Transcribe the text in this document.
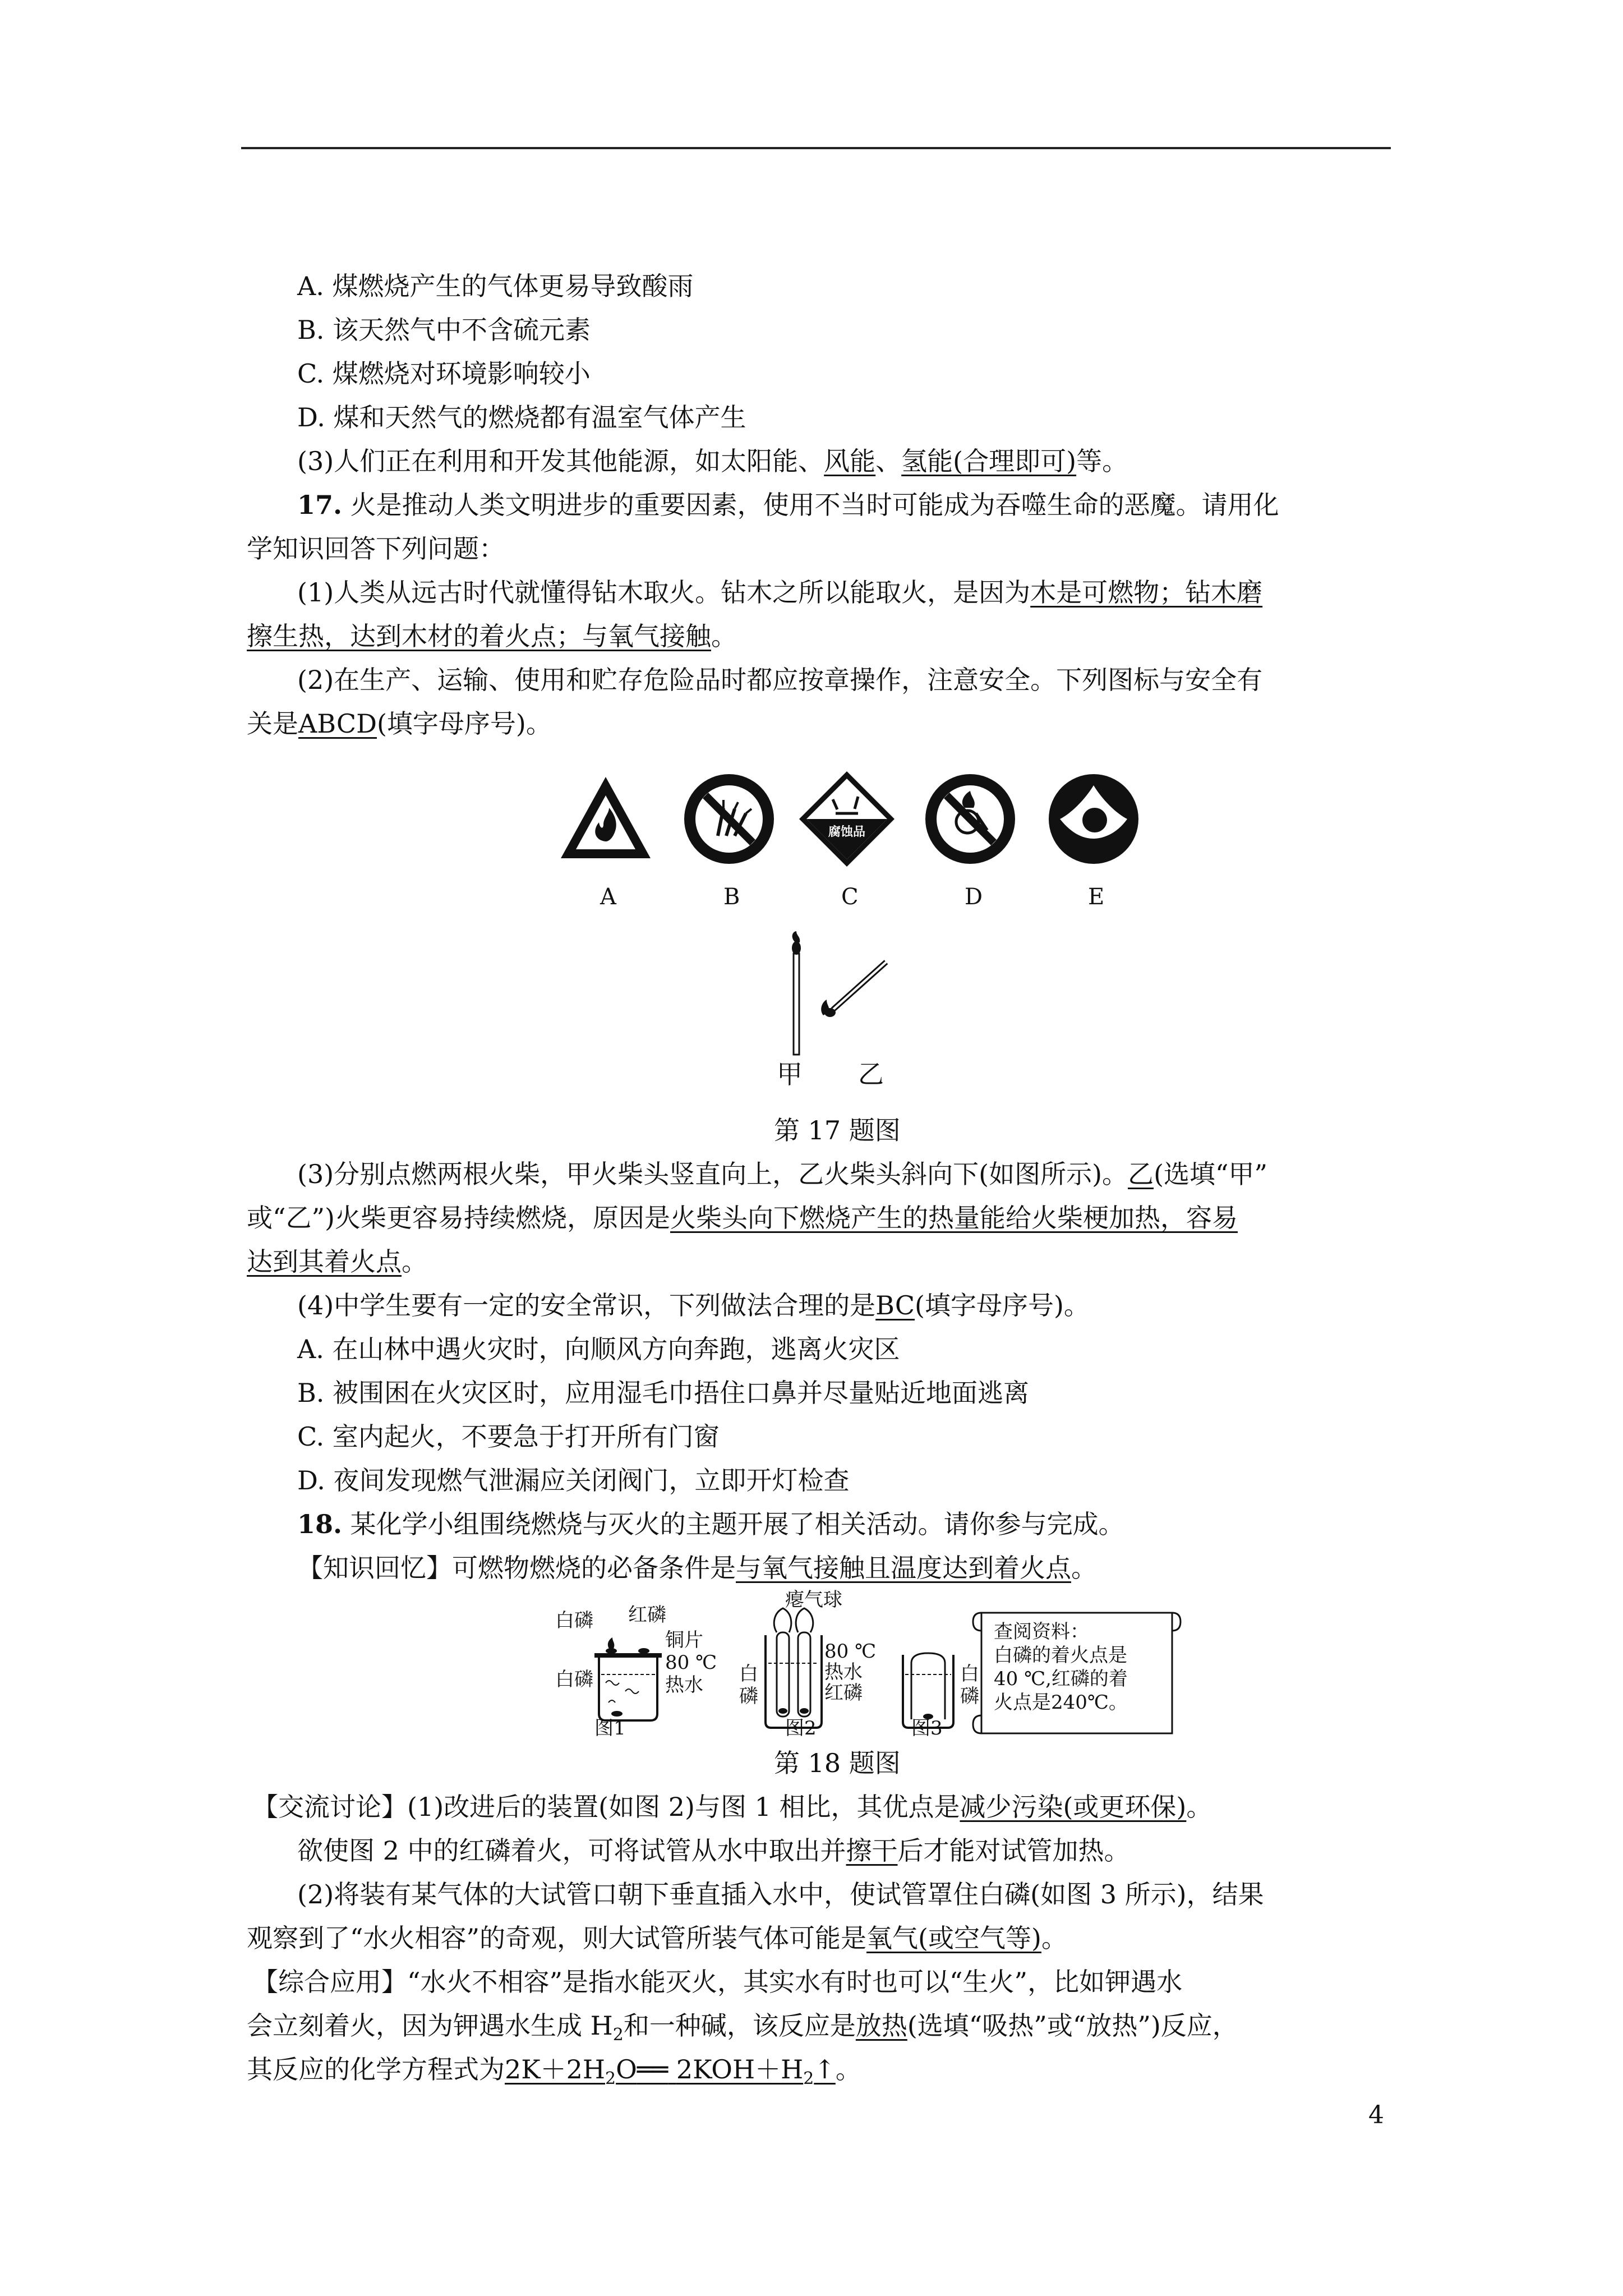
A. 煤燃烧产生的气体更易导致酸雨
B. 该天然气中不含硫元素
C. 煤燃烧对环境影响较小
D. 煤和天然气的燃烧都有温室气体产生
(3)人们正在利用和开发其他能源，如太阳能、风能、氢能(合理即可)等。
17. 火是推动人类文明进步的重要因素，使用不当时可能成为吞噬生命的恶魔。请用化
学知识回答下列问题：
(1)人类从远古时代就懂得钻木取火。钻木之所以能取火，是因为木是可燃物；钻木磨
擦生热，达到木材的着火点；与氧气接触。
(2)在生产、运输、使用和贮存危险品时都应按章操作，注意安全。下列图标与安全有
关是ABCD(填字母序号)。
腐蚀品
A	B	C	D	E
甲 乙
第 17 题图
(3)分别点燃两根火柴，甲火柴头竖直向上，乙火柴头斜向下(如图所示)。乙(选填“甲”
或“乙”)火柴更容易持续燃烧，原因是火柴头向下燃烧产生的热量能给火柴梗加热，容易
达到其着火点。
(4)中学生要有一定的安全常识，下列做法合理的是BC(填字母序号)。
A. 在山林中遇火灾时，向顺风方向奔跑，逃离火灾区
B. 被围困在火灾区时，应用湿毛巾捂住口鼻并尽量贴近地面逃离
C. 室内起火，不要急于打开所有门窗
D. 夜间发现燃气泄漏应关闭阀门，立即开灯检查
18. 某化学小组围绕燃烧与灭火的主题开展了相关活动。请你参与完成。
【知识回忆】可燃物燃烧的必备条件是与氧气接触且温度达到着火点。
白磷 红磷
铜片
80 ℃
热水
白磷
图1
瘪气球
白
磷
80 ℃
热水
红磷
图2
白
磷
图3
查阅资料：
白磷的着火点是
40 ℃,红磷的着
火点是240℃。
第 18 题图
【交流讨论】(1)改进后的装置(如图 2)与图 1 相比，其优点是减少污染(或更环保)。
欲使图 2 中的红磷着火，可将试管从水中取出并擦干后才能对试管加热。
(2)将装有某气体的大试管口朝下垂直插入水中，使试管罩住白磷(如图 3 所示)，结果
观察到了“水火相容”的奇观，则大试管所装气体可能是氧气(或空气等)。
【综合应用】“水火不相容”是指水能灭火，其实水有时也可以“生火”，比如钾遇水
会立刻着火，因为钾遇水生成 $H_2$和一种碱，该反应是放热(选填“吸热”或“放热”)反应，
其反应的化学方程式为$2K+2H_2O══$ $2KOH+H_2↑$。
4
